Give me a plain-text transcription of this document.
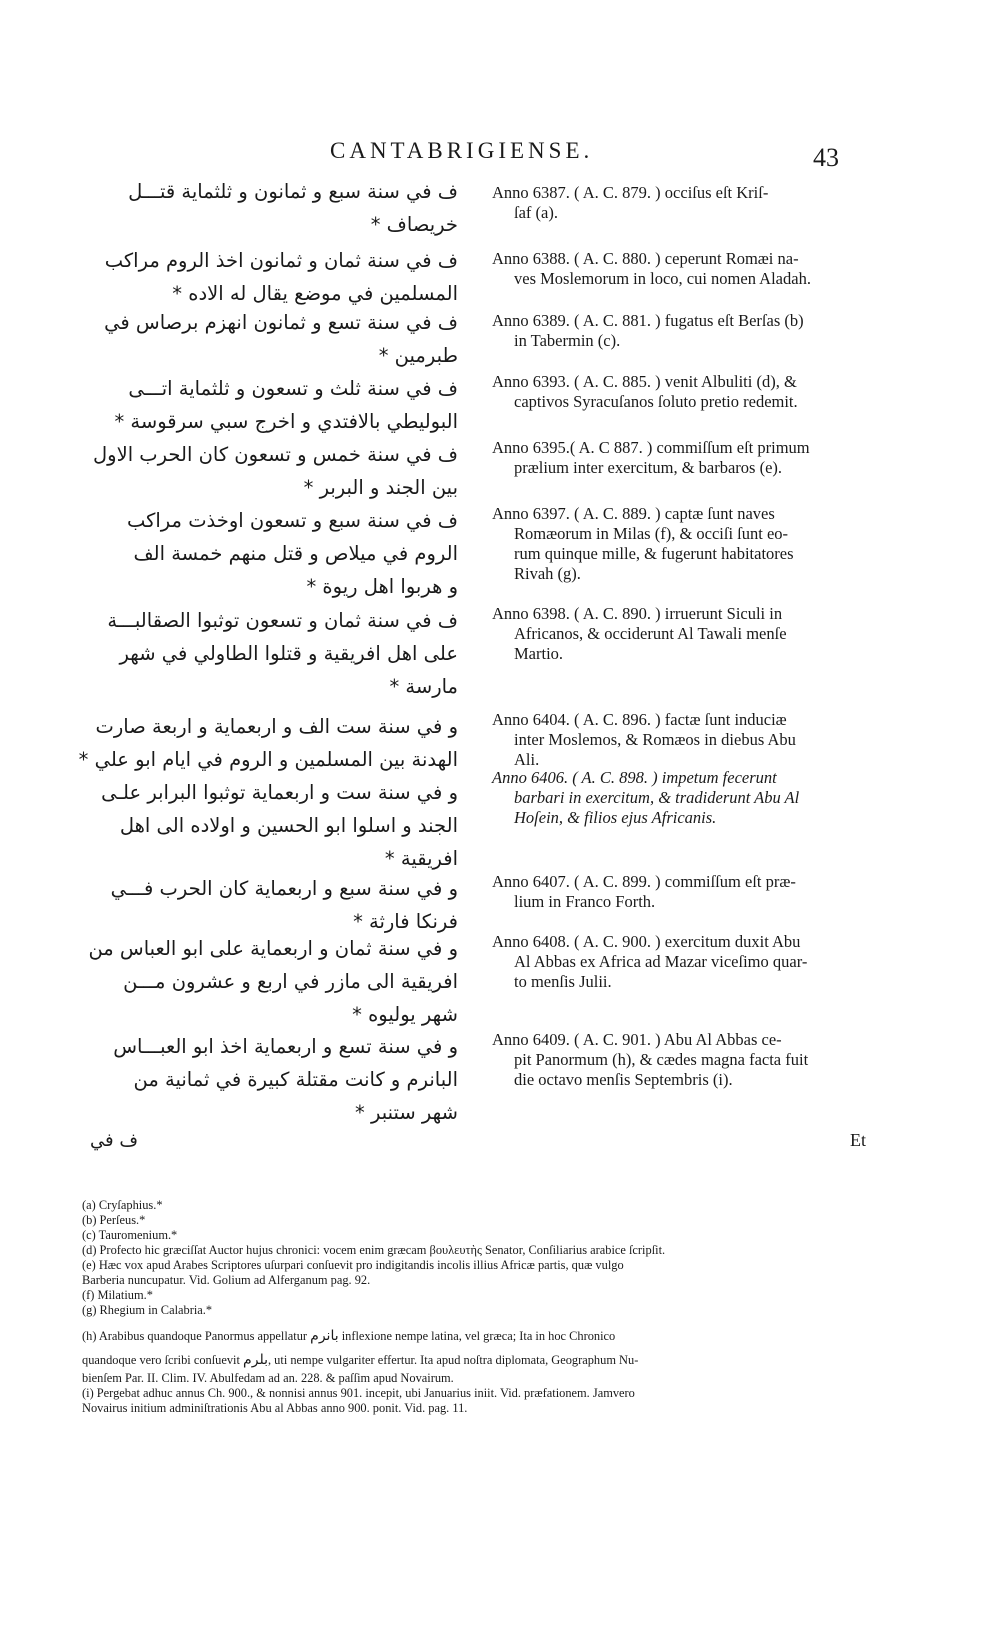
CANTABRIGIENSE.	43
ف في سنة سبع و ثمانون و ثلثماية قتـــل
خريصاف *
Anno 6387. ( A. C. 879. ) occiſus eſt Kriſ-
ſaf (a).
ف في سنة ثمان و ثمانون اخذ الروم مراكب
المسلمين في موضع يقال له الاده *
Anno 6388. ( A. C. 880. ) ceperunt Romæi na-
ves Moslemorum in loco, cui nomen Aladah.
ف في سنة تسع و ثمانون انهزم برصاس في
طبرمين *
Anno 6389. ( A. C. 881. ) fugatus eſt Berſas (b)
in Tabermin (c).
ف في سنة ثلث و تسعون و ثلثماية اتـــى
البوليطي بالافتدي و اخرج سبي سرقوسة *
Anno 6393. ( A. C. 885. ) venit Albuliti (d), &
captivos Syracuſanos ſoluto pretio redemit.
ف في سنة خمس و تسعون كان الحرب الاول
بين الجند و البربر *
Anno 6395.( A. C 887. ) commiſſum eſt primum
prælium inter exercitum, & barbaros (e).
ف في سنة سبع و تسعون اوخذت مراكب
الروم في ميلاص و قتل منهم خمسة الف
و هربوا اهل ريوة *
Anno 6397. ( A. C. 889. ) captæ ſunt naves
Romæorum in Milas (f), & occiſi ſunt eo-
rum quinque mille, & fugerunt habitatores
Rivah (g).
ف في سنة ثمان و تسعون توثبوا الصقالبـــة
على اهل افريقية و قتلوا الطاولي في شهر
مارسة *
Anno 6398. ( A. C. 890. ) irruerunt Siculi in
Africanos, & occiderunt Al Tawali menſe
Martio.
و في سنة ست الف و اربعماية و اربعة صارت
الهدنة بين المسلمين و الروم في ايام ابو علي *
Anno 6404. ( A. C. 896. ) factæ ſunt induciæ
inter Moslemos, & Romæos in diebus Abu
Ali.
و في سنة ست و اربعماية توثبوا البرابر علـى
الجند و اسلوا ابو الحسين و اولاده الى اهل
افريقية *
Anno 6406. ( A. C. 898. ) impetum fecerunt
barbari in exercitum, & tradiderunt Abu Al
Hoſein, & filios ejus Africanis.
و في سنة سبع و اربعماية كان الحرب فـــي
فرنكا فارثة *
Anno 6407. ( A. C. 899. ) commiſſum eſt præ-
lium in Franco Forth.
و في سنة ثمان و اربعماية على ابو العباس من
افريقية الى مازر في اربع و عشرون مـــن
شهر يوليوه *
Anno 6408. ( A. C. 900. ) exercitum duxit Abu
Al Abbas ex Africa ad Mazar viceſimo quar-
to menſis Julii.
و في سنة تسع و اربعماية اخذ ابو العبـــاس
البانرم و كانت مقتلة كبيرة في ثمانية من
شهر ستنبر *
Anno 6409. ( A. C. 901. ) Abu Al Abbas ce-
pit Panormum (h), & cædes magna facta fuit
die octavo menſis Septembris (i).
ف في	Et
(a) Cryſaphius.*
(b) Perſeus.*
(c) Tauromenium.*
(d) Profecto hic græciſſat Auctor hujus chronici: vocem enim græcam βουλευτὴς Senator, Conſiliarius arabice ſcripſit.
(e) Hæc vox apud Arabes Scriptores uſurpari conſuevit pro indigitandis incolis illius Africæ partis, quæ vulgo
Barberia nuncupatur. Vid. Golium ad Alferganum pag. 92.
(f) Milatium.*
(g) Rhegium in Calabria.*
(h) Arabibus quandoque Panormus appellatur بانرم inflexione nempe latina, vel græca; Ita in hoc Chronico
quandoque vero ſcribi conſuevit بلرم, uti nempe vulgariter effertur. Ita apud noſtra diplomata, Geographum Nu-
bienſem Par. II. Clim. IV. Abulfedam ad an. 228. & paſſim apud Novairum.
(i) Pergebat adhuc annus Ch. 900., & nonnisi annus 901. incepit, ubi Januarius iniit. Vid. præfationem. Jamvero
Novairus initium adminiſtrationis Abu al Abbas anno 900. ponit. Vid. pag. 11.
